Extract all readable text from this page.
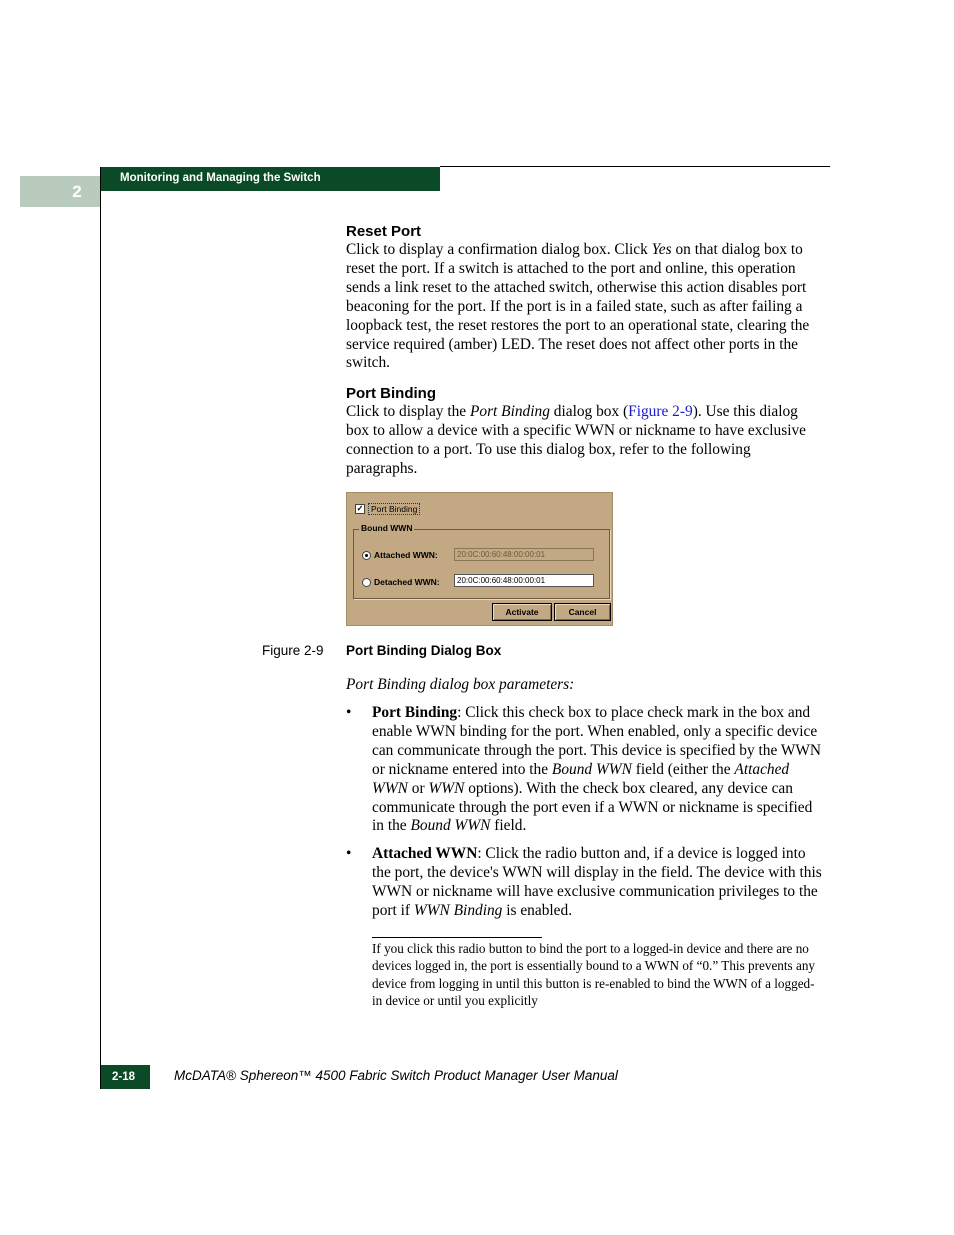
2
Monitoring and Managing the Switch
Reset Port

Click to display a confirmation dialog box. Click Yes on that dialog box to reset the port. If a switch is attached to the port and online, this operation sends a link reset to the attached switch, otherwise this action disables port beaconing for the port. If the port is in a failed state, such as after failing a loopback test, the reset restores the port to an operational state, clearing the service required (amber) LED. The reset does not affect other ports in the switch.

Port Binding

Click to display the Port Binding dialog box (Figure 2-9). Use this dialog box to allow a device with a specific WWN or nickname to have exclusive connection to a port. To use this dialog box, refer to the following paragraphs.

✓ Port Binding
Bound WWN
Attached WWN:	20:0C:00:60:48:00:00:01
Detached WWN:	20:0C:00:60:48:00:00:01
Activate	Cancel
Figure 2-9 Port Binding Dialog Box
Port Binding dialog box parameters:
• Port Binding: Click this check box to place check mark in the box and enable WWN binding for the port. When enabled, only a specific device can communicate through the port. This device is specified by the WWN or nickname entered into the Bound WWN field (either the Attached WWN or WWN options). With the check box cleared, any device can communicate through the port even if a WWN or nickname is specified in the Bound WWN field.
• Attached WWN: Click the radio button and, if a device is logged into the port, the device's WWN will display in the field. The device with this WWN or nickname will have exclusive communication privileges to the port if WWN Binding is enabled.
If you click this radio button to bind the port to a logged-in device and there are no devices logged in, the port is essentially bound to a WWN of “0.” This prevents any device from logging in until this button is re-enabled to bind the WWN of a logged-in device or until you explicitly
2-18	McDATA® Sphereon™ 4500 Fabric Switch Product Manager User Manual
